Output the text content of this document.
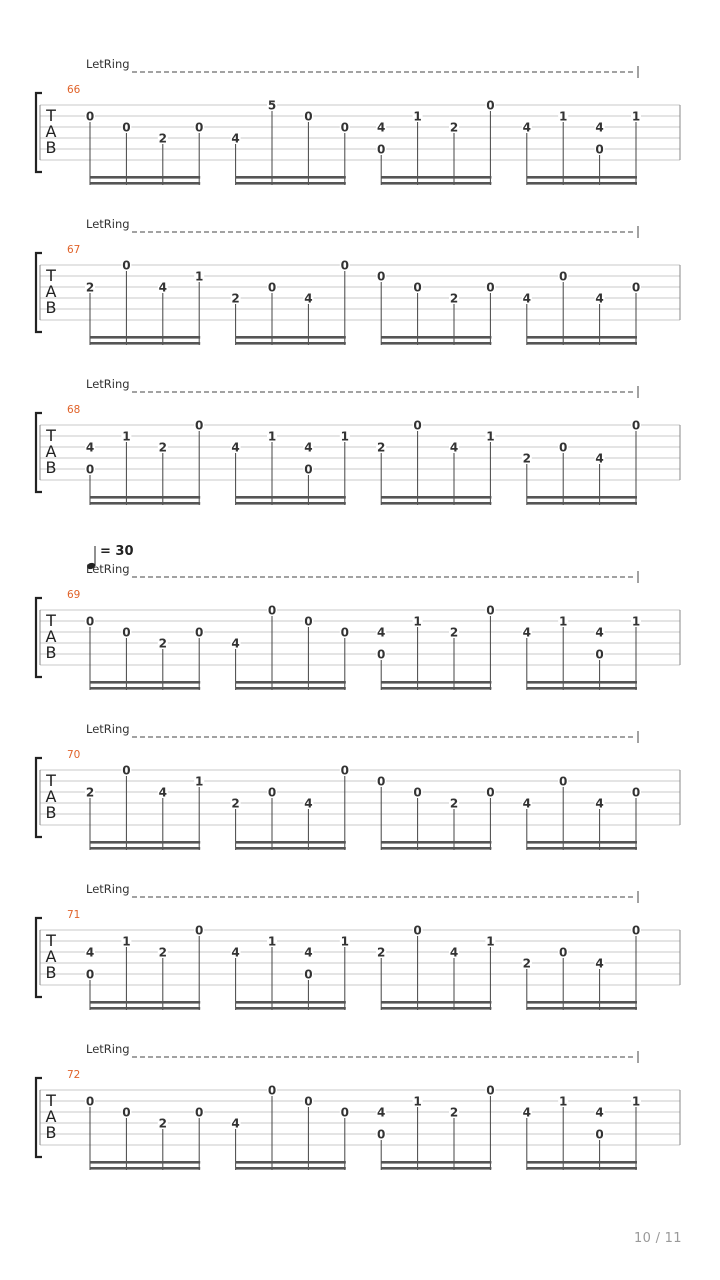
LetRing
66
T
A
B
0
0
2
0
4
5
0
0 4
0
1
2
0
4
1
4
0
1
LetRing
67
T
A
B
2
0
4
1
2
0
4
0
0
0
2
0
4
0
4
0
LetRing
68
T
A
B
4
0
1
2
0
4
1
4
0
1
2
0
4
1
2
0
4
0
= 30
LetRing
69
T
A
B
0
0
2
0
4
0
0
0 4
0
1
2
0
4
1
4
0
1
LetRing
70
T
A
B
2
0
4
1
2
0
4
0
0
0
2
0
4
0
4
0
LetRing
71
T
A
B
4
0
1
2
0
4
1
4
0
1
2
0
4
1
2
0
4
0
LetRing
72
T
A
B
0
0
2
0
4
0
0
0 4
0
1
2
0
4
1
4
0
1
10 / 11
